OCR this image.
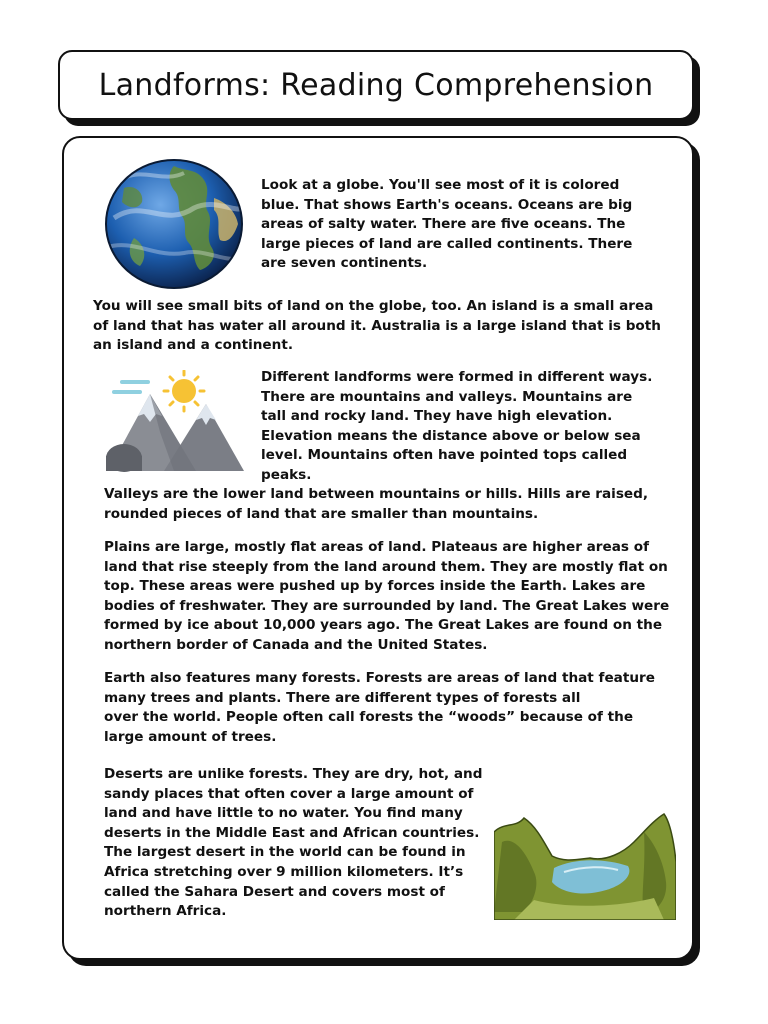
Landforms: Reading Comprehension

Look at a globe. You'll see most of it is colored blue. That shows Earth's oceans. Oceans are big areas of salty water. There are five oceans. The large pieces of land are called continents. There are seven continents.

You will see small bits of land on the globe, too. An island is a small area of land that has water all around it. Australia is a large island that is both an island and a continent.

Different landforms were formed in different ways. There are mountains and valleys. Mountains are tall and rocky land. They have high elevation. Elevation means the distance above or below sea level. Mountains often have pointed tops called peaks.

Valleys are the lower land between mountains or hills. Hills are raised, rounded pieces of land that are smaller than mountains.

Plains are large, mostly flat areas of land. Plateaus are higher areas of land that rise steeply from the land around them. They are mostly flat on top. These areas were pushed up by forces inside the Earth. Lakes are bodies of freshwater. They are surrounded by land. The Great Lakes were formed by ice about 10,000 years ago. The Great Lakes are found on the northern border of Canada and the United States.

Earth also features many forests. Forests are areas of land that feature many trees and plants. There are different types of forests all
over the world. People often call forests the “woods” because of the large amount of trees.

Deserts are unlike forests. They are dry, hot, and sandy places that often cover a large amount of land and have little to no water. You find many deserts in the Middle East and African countries. The largest desert in the world can be found in Africa stretching over 9 million kilometers. It’s called the Sahara Desert and covers most of northern Africa.
